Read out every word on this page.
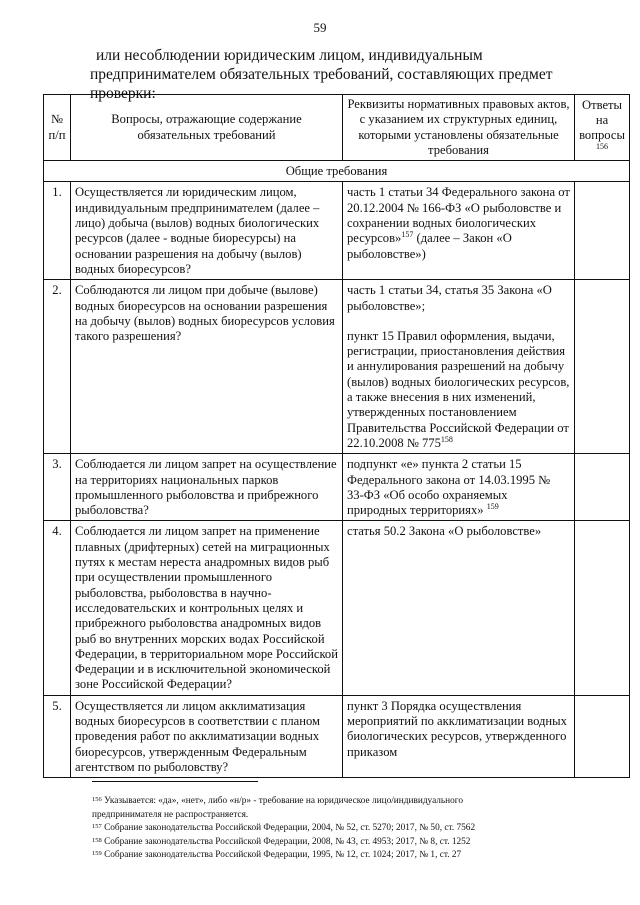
59
или несоблюдении юридическим лицом, индивидуальным предпринимателем обязательных требований, составляющих предмет проверки:
№ п/п	Вопросы, отражающие содержание обязательных требований	Реквизиты нормативных правовых актов, с указанием их структурных единиц, которыми установлены обязательные требования	Ответы на вопросы
$^{156}$
Общие требования			
1.	Осуществляется ли юридическим лицом, индивидуальным предпринимателем (далее – лицо) добыча (вылов) водных биологических ресурсов (далее - водные биоресурсы) на основании разрешения на добычу (вылов) водных биоресурсов?	часть 1 статьи 34 Федерального закона от 20.12.2004 № 166-ФЗ «О рыболовстве и сохранении водных биологических ресурсов»$^{157}$ (далее – Закон «О рыболовстве»)	
2.	Соблюдаются ли лицом при добыче (вылове) водных биоресурсов на основании разрешения на добычу (вылов) водных биоресурсов условия такого разрешения?	часть 1 статьи 34, статья 35 Закона «О рыболовстве»;
пункт 15 Правил оформления, выдачи, регистрации, приостановления действия и аннулирования разрешений на добычу (вылов) водных биологических ресурсов, а также внесения в них изменений, утвержденных постановлением Правительства Российской Федерации от 22.10.2008 № $775^{158}$	
3.	Соблюдается ли лицом запрет на осуществление на территориях национальных парков промышленного рыболовства и прибрежного рыболовства?	подпункт «е» пункта 2 статьи 15 Федерального закона от 14.03.1995 № 33-ФЗ «Об особо охраняемых природных территориях» $^{159}$	
4.	Соблюдается ли лицом запрет на применение плавных (дрифтерных) сетей на миграционных путях к местам нереста анадромных видов рыб при осуществлении промышленного рыболовства, рыболовства в научно-исследовательских и контрольных целях и прибрежного рыболовства анадромных видов рыб во внутренних морских водах Российской Федерации, в территориальном море Российской Федерации и в исключительной экономической зоне Российской Федерации?	статья 50.2 Закона «О рыболовстве»	
5.	Осуществляется ли лицом акклиматизация водных биоресурсов в соответствии с планом проведения работ по акклиматизации водных биоресурсов, утвержденным Федеральным агентством по рыболовству?	пункт 3 Порядка осуществления мероприятий по акклиматизации водных биологических ресурсов, утвержденного приказом	
$^{156}$ Указывается: «да», «нет», либо «н/р» - требование на юридическое лицо/индивидуального
предпринимателя не распространяется.
$^{157}$ Собрание законодательства Российской Федерации, 2004, № 52, ст. 5270; 2017, № 50, ст. 7562
$^{158}$ Собрание законодательства Российской Федерации, 2008, № 43, ст. 4953; 2017, № 8, ст. 1252
$^{159}$ Собрание законодательства Российской Федерации, 1995, № 12, ст. 1024; 2017, № 1, ст. 27
